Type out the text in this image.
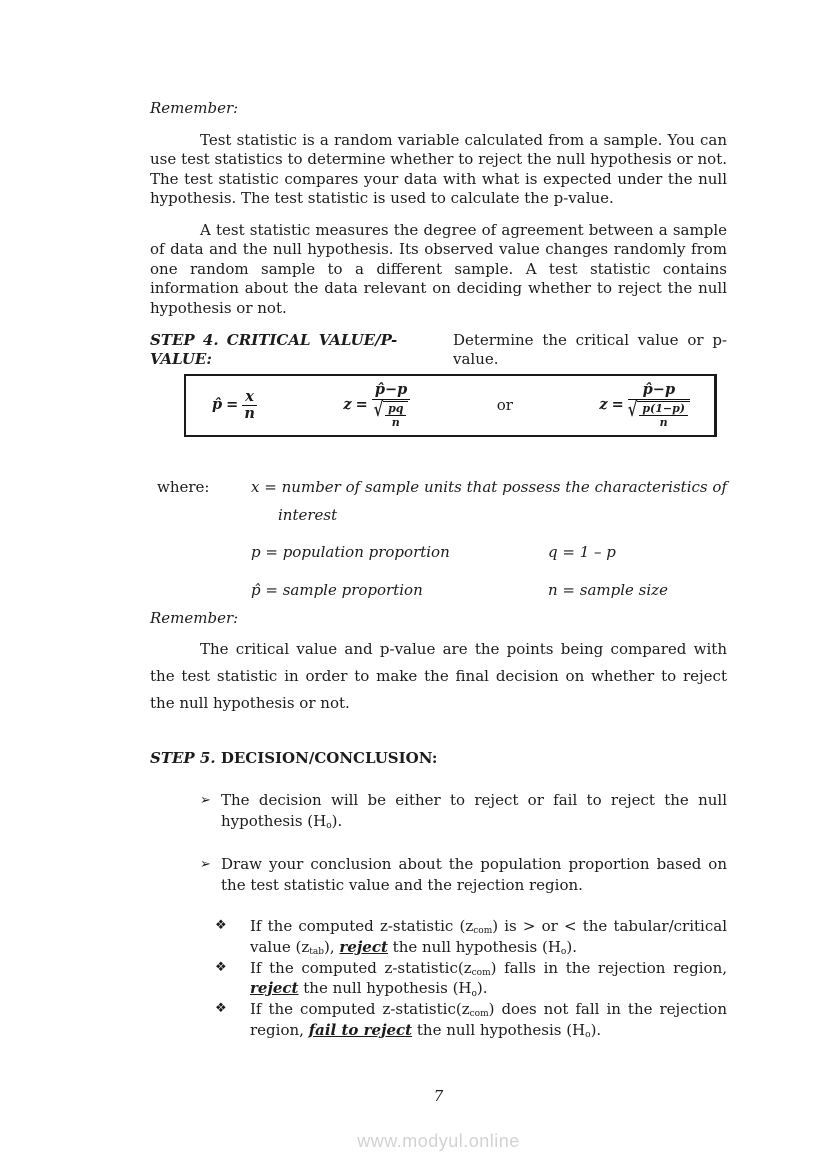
Remember:

Test statistic is a random variable calculated from a sample. You can use test statistics to determine whether to reject the null hypothesis or not. The test statistic compares your data with what is expected under the null hypothesis. The test statistic is used to calculate the p-value.

A test statistic measures the degree of agreement between a sample of data and the null hypothesis. Its observed value changes randomly from one random sample to a different sample. A test statistic contains information about the data relevant on deciding whether to reject the null hypothesis or not.

STEP 4. CRITICAL VALUE/P-VALUE:
Determine the critical value or p-value.
p̂ = $\frac{x}{n}$	z =
p̂−p
√ $\frac{pq}{n}$	or	z =
p̂−p
√ $\frac{p(1-p)}{n}$
where:	x = number of sample units that possess the characteristics of
interest
p = population proportion	q = 1 – p
p̂ = sample proportion	n = sample size
Remember:

The critical value and p-value are the points being compared with the test statistic in order to make the final decision on whether to reject the null hypothesis or not.

STEP 5. DECISION/CONCLUSION:
➢ The decision will be either to reject or fail to reject the null hypothesis $(H_o)$.
➢ Draw your conclusion about the population proportion based on the test statistic value and the rejection region.
❖	If the computed z-statistic $(z_{com})$ is > or < the tabular/critical value $(z_{tab})$, reject the null hypothesis $(H_o)$.
❖	If the computed $z-statistic(z_{com})$ falls in the rejection region, reject the null hypothesis $(H_o)$.
❖	If the computed $z-statistic(z_{com})$ does not fall in the rejection region, fail to reject the null hypothesis $(H_o)$.
7
www.modyul.online
